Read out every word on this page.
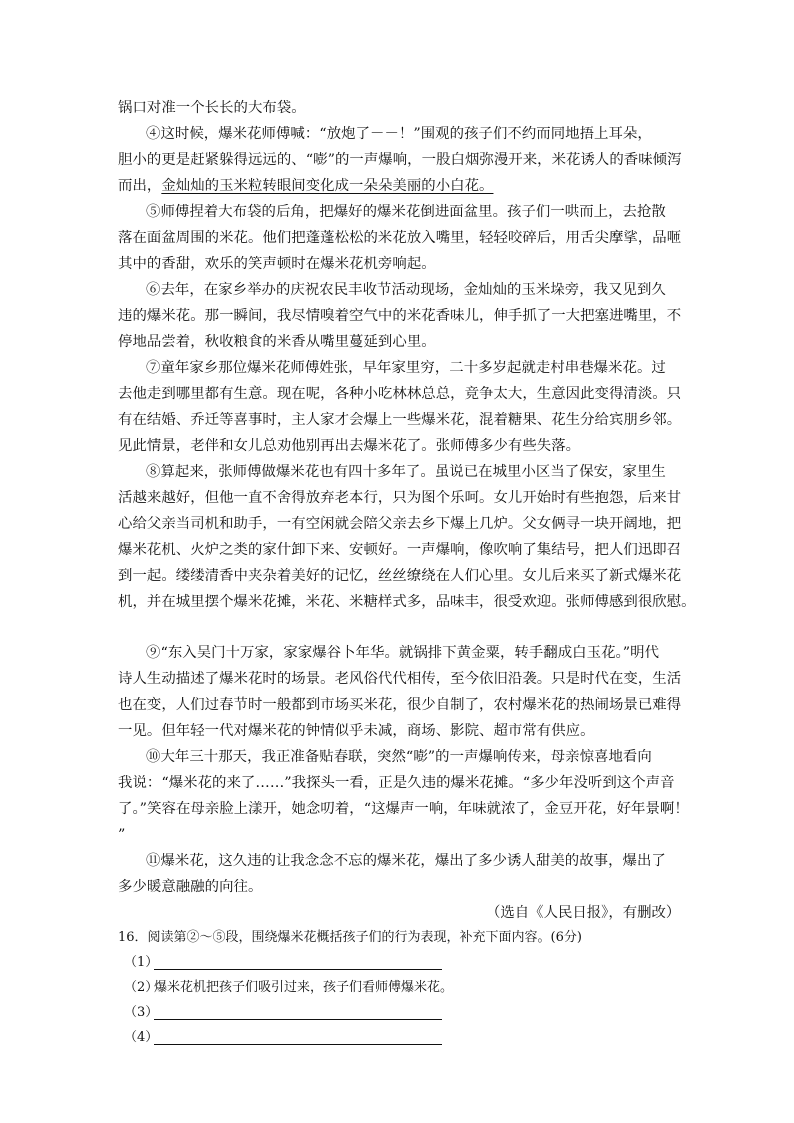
锅口对准一个长长的大布袋。
④这时候，爆米花师傅喊：“放炮了－－！”围观的孩子们不约而同地捂上耳朵，
胆小的更是赶紧躲得远远的、“嘭”的一声爆响，一股白烟弥漫开来，米花诱人的香味倾泻
而出，金灿灿的玉米粒转眼间变化成一朵朵美丽的小白花。
⑤师傅捏着大布袋的后角，把爆好的爆米花倒进面盆里。孩子们一哄而上，去抢散
落在面盆周围的米花。他们把蓬蓬松松的米花放入嘴里，轻轻咬碎后，用舌尖摩挲，品咂
其中的香甜，欢乐的笑声顿时在爆米花机旁响起。
⑥去年，在家乡举办的庆祝农民丰收节活动现场，金灿灿的玉米垛旁，我又见到久
违的爆米花。那一瞬间，我尽情嗅着空气中的米花香味儿，伸手抓了一大把塞进嘴里，不
停地品尝着，秋收粮食的米香从嘴里蔓延到心里。
⑦童年家乡那位爆米花师傅姓张，早年家里穷，二十多岁起就走村串巷爆米花。过
去他走到哪里都有生意。现在呢，各种小吃林林总总，竞争太大，生意因此变得清淡。只
有在结婚、乔迁等喜事时，主人家才会爆上一些爆米花，混着糖果、花生分给宾朋乡邻。
见此情景，老伴和女儿总劝他别再出去爆米花了。张师傅多少有些失落。
⑧算起来，张师傅做爆米花也有四十多年了。虽说已在城里小区当了保安，家里生
活越来越好，但他一直不舍得放弃老本行，只为图个乐呵。女儿开始时有些抱怨，后来甘
心给父亲当司机和助手，一有空闲就会陪父亲去乡下爆上几炉。父女俩寻一块开阔地，把
爆米花机、火炉之类的家什卸下来、安顿好。一声爆响，像吹响了集结号，把人们迅即召
到一起。缕缕清香中夹杂着美好的记忆，丝丝缭绕在人们心里。女儿后来买了新式爆米花
机，并在城里摆个爆米花摊，米花、米糖样式多，品味丰，很受欢迎。张师傅感到很欣慰。
⑨“东入吴门十万家，家家爆谷卜年华。就锅排下黄金粟，转手翻成白玉花。”明代
诗人生动描述了爆米花时的场景。老风俗代代相传，至今依旧沿袭。只是时代在变，生活
也在变，人们过春节时一般都到市场买米花，很少自制了，农村爆米花的热闹场景已难得
一见。但年轻一代对爆米花的钟情似乎未减，商场、影院、超市常有供应。
⑩大年三十那天，我正准备贴春联，突然“嘭”的一声爆响传来，母亲惊喜地看向
我说：“爆米花的来了……”我探头一看，正是久违的爆米花摊。“多少年没听到这个声音
了。”笑容在母亲脸上漾开，她念叨着，“这爆声一响，年味就浓了，金豆开花，好年景啊！
”
⑪爆米花，这久违的让我念念不忘的爆米花，爆出了多少诱人甜美的故事，爆出了
多少暖意融融的向往。
（选自《人民日报》，有删改）
16．阅读第②～⑤段，围绕爆米花概括孩子们的行为表现，补充下面内容。(6分)
（1）
（2）
爆米花机把孩子们吸引过来，孩子们看师傅爆米花。
（3）
（4）
